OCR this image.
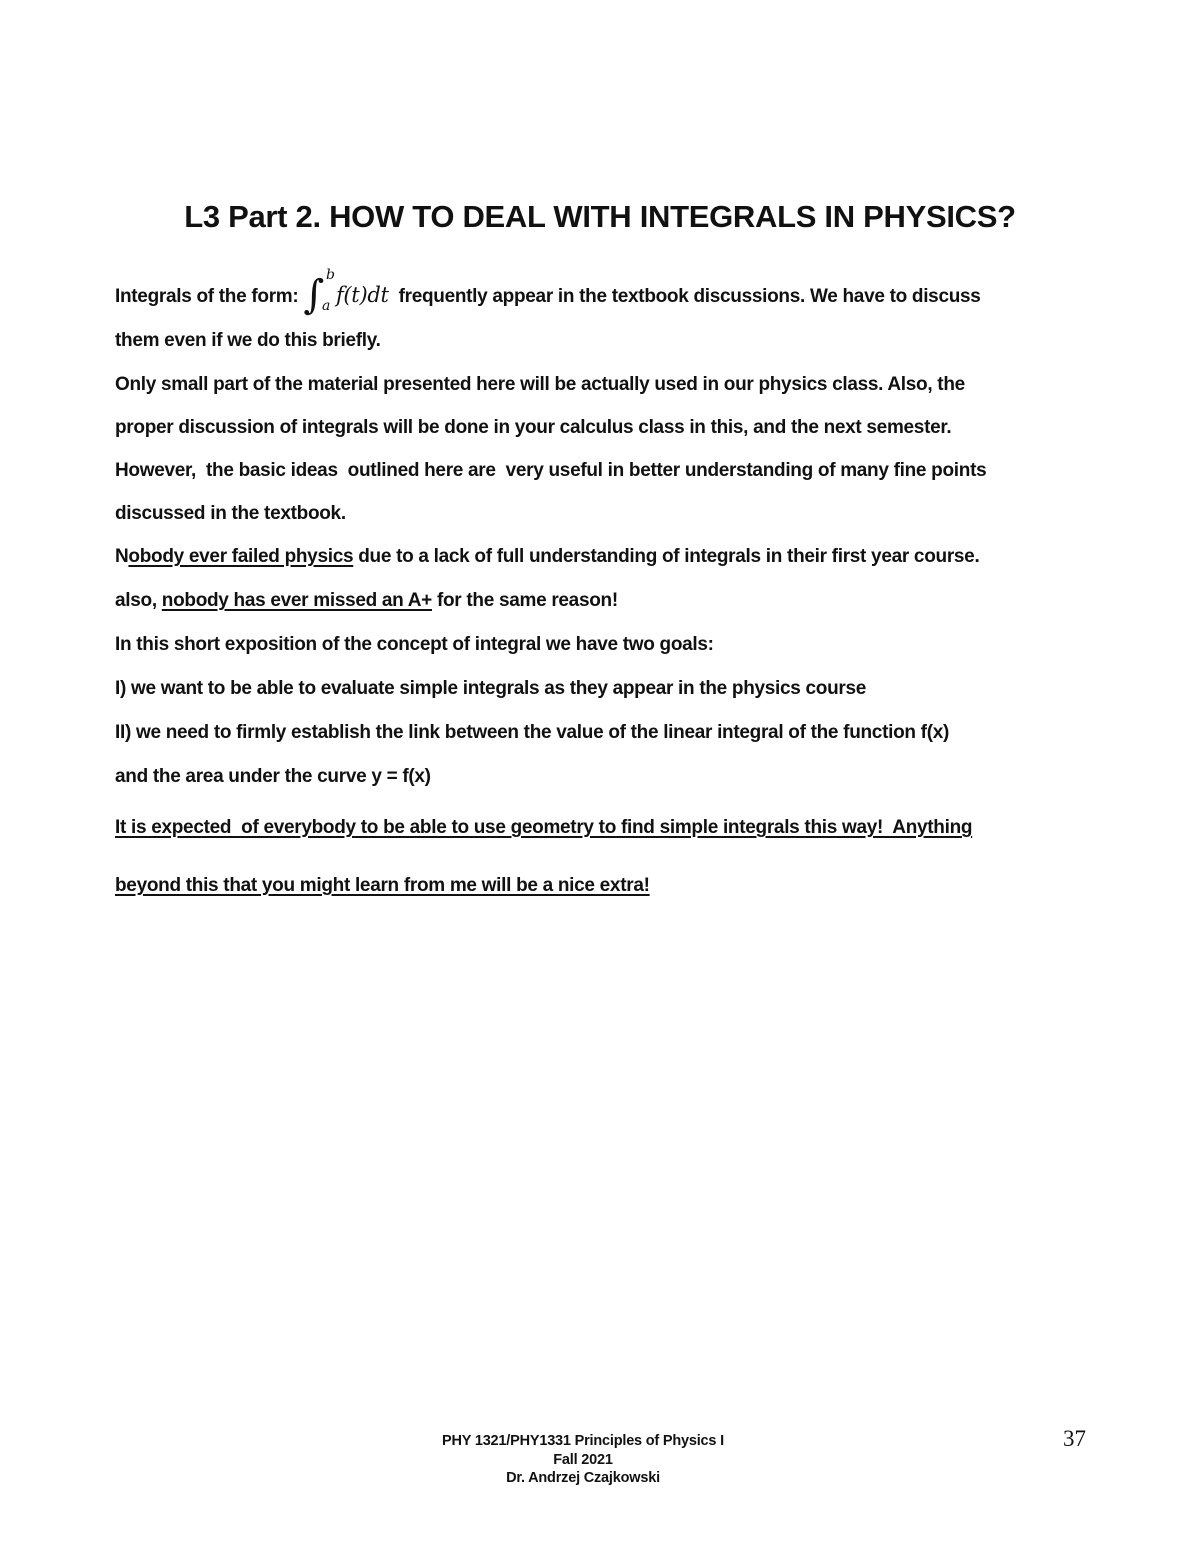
L3 Part 2. HOW TO DEAL WITH INTEGRALS IN PHYSICS?

Integrals of the form: ∫ b
a f(t)dt  frequently appear in the textbook discussions. We have to discuss
them even if we do this briefly.

Only small part of the material presented here will be actually used in our physics class. Also, the
proper discussion of integrals will be done in your calculus class in this, and the next semester.
However,  the basic ideas  outlined here are  very useful in better understanding of many fine points
discussed in the textbook.

Nobody ever failed physics due to a lack of full understanding of integrals in their first year course.

also, nobody has ever missed an A+ for the same reason!

In this short exposition of the concept of integral we have two goals:

I) we want to be able to evaluate simple integrals as they appear in the physics course

II) we need to firmly establish the link between the value of the linear integral of the function f(x)

and the area under the curve y = f(x)

It is expected  of everybody to be able to use geometry to find simple integrals this way!  Anything
beyond this that you might learn from me will be a nice extra!

PHY 1321/PHY1331 Principles of Physics I
Fall 2021
Dr. Andrzej Czajkowski
37
